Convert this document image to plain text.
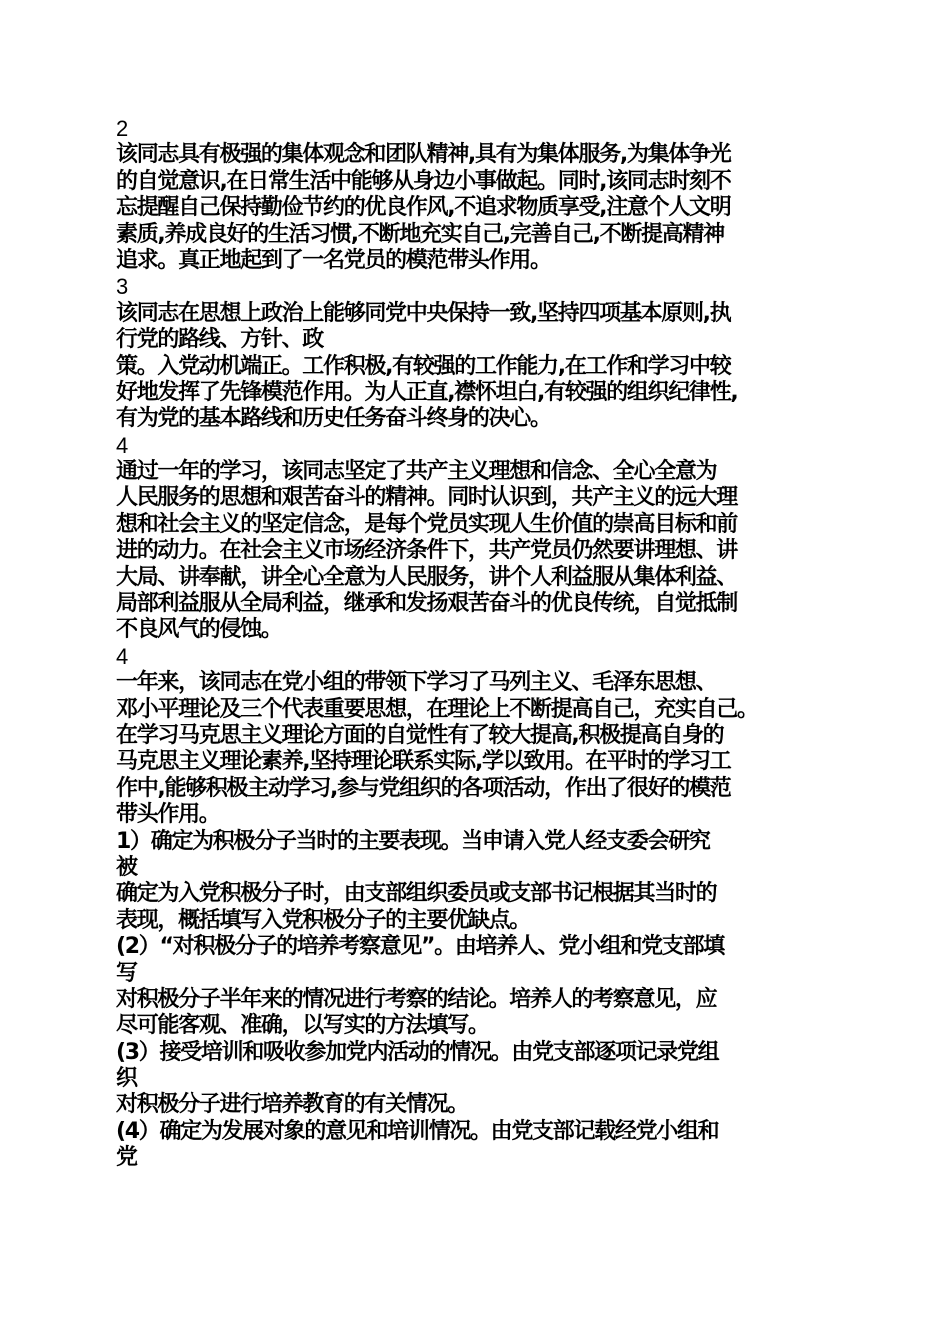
2
该同志具有极强的集体观念和团队精神,具有为集体服务,为集体争光
的自觉意识,在日常生活中能够从身边小事做起。同时,该同志时刻不
忘提醒自己保持勤俭节约的优良作风,不追求物质享受,注意个人文明
素质,养成良好的生活习惯,不断地充实自己,完善自己,不断提高精神
追求。真正地起到了一名党员的模范带头作用。
3
该同志在思想上政治上能够同党中央保持一致,坚持四项基本原则,执
行党的路线、方针、政
策。入党动机端正。工作积极,有较强的工作能力,在工作和学习中较
好地发挥了先锋模范作用。为人正直,襟怀坦白,有较强的组织纪律性,
有为党的基本路线和历史任务奋斗终身的决心。
4
通过一年的学习，该同志坚定了共产主义理想和信念、全心全意为
人民服务的思想和艰苦奋斗的精神。同时认识到，共产主义的远大理
想和社会主义的坚定信念，是每个党员实现人生价值的崇高目标和前
进的动力。在社会主义市场经济条件下，共产党员仍然要讲理想、讲
大局、讲奉献，讲全心全意为人民服务，讲个人利益服从集体利益、
局部利益服从全局利益，继承和发扬艰苦奋斗的优良传统，自觉抵制
不良风气的侵蚀。
4
一年来，该同志在党小组的带领下学习了马列主义、毛泽东思想、
邓小平理论及三个代表重要思想，在理论上不断提高自己，充实自己。
在学习马克思主义理论方面的自觉性有了较大提高,积极提高自身的
马克思主义理论素养,坚持理论联系实际,学以致用。在平时的学习工
作中,能够积极主动学习,参与党组织的各项活动，作出了很好的模范
带头作用。
1）确定为积极分子当时的主要表现。当申请入党人经支委会研究
被
确定为入党积极分子时，由支部组织委员或支部书记根据其当时的
表现，概括填写入党积极分子的主要优缺点。
(2）“对积极分子的培养考察意见”。由培养人、党小组和党支部填
写
对积极分子半年来的情况进行考察的结论。培养人的考察意见，应
尽可能客观、准确，以写实的方法填写。
(3）接受培训和吸收参加党内活动的情况。由党支部逐项记录党组
织
对积极分子进行培养教育的有关情况。
(4）确定为发展对象的意见和培训情况。由党支部记载经党小组和
党
